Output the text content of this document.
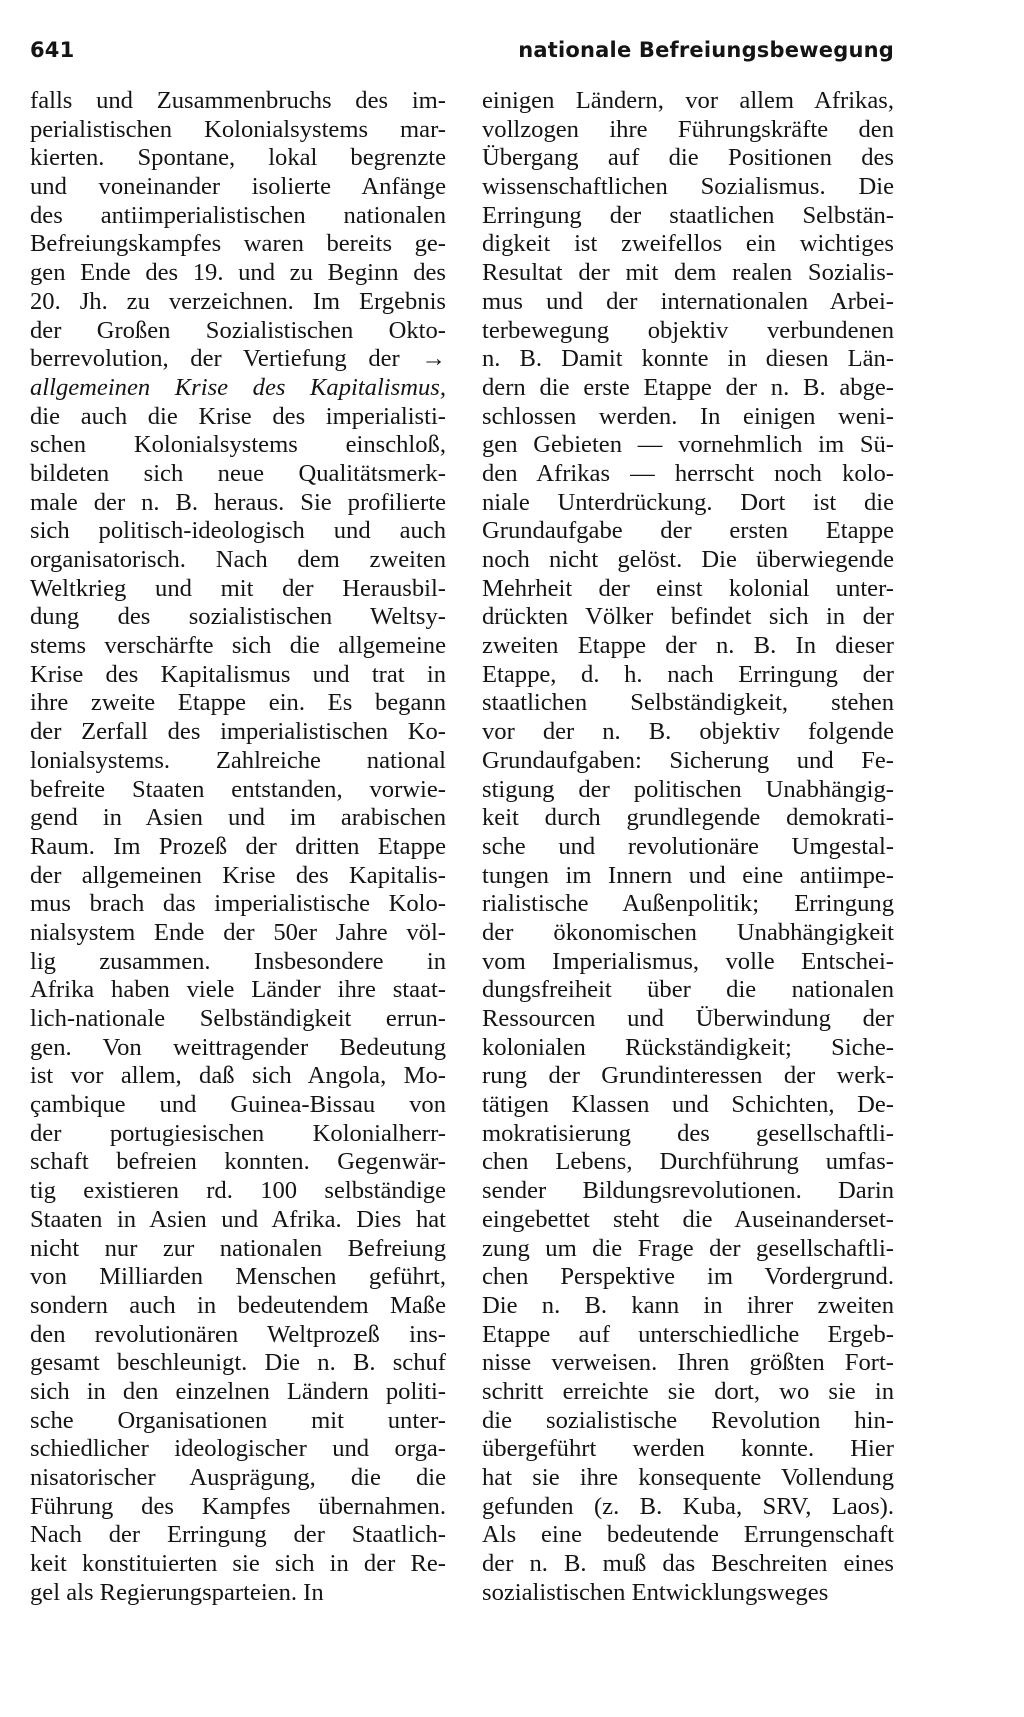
641	nationale Befreiungsbewegung
falls und Zusammenbruchs des im-
perialistischen Kolonialsystems mar-
kierten. Spontane, lokal begrenzte
und voneinander isolierte Anfänge
des antiimperialistischen nationalen
Befreiungskampfes waren bereits ge-
gen Ende des 19. und zu Beginn des
20. Jh. zu verzeichnen. Im Ergebnis
der Großen Sozialistischen Okto-
berrevolution, der Vertiefung der →
allgemeinen Krise des Kapitalismus,
die auch die Krise des imperialisti-
schen Kolonialsystems einschloß,
bildeten sich neue Qualitätsmerk-
male der n. B. heraus. Sie profilierte
sich politisch-ideologisch und auch
organisatorisch. Nach dem zweiten
Weltkrieg und mit der Herausbil-
dung des sozialistischen Weltsy-
stems verschärfte sich die allgemeine
Krise des Kapitalismus und trat in
ihre zweite Etappe ein. Es begann
der Zerfall des imperialistischen Ko-
lonialsystems. Zahlreiche national
befreite Staaten entstanden, vorwie-
gend in Asien und im arabischen
Raum. Im Prozeß der dritten Etappe
der allgemeinen Krise des Kapitalis-
mus brach das imperialistische Kolo-
nialsystem Ende der 50er Jahre völ-
lig zusammen. Insbesondere in
Afrika haben viele Länder ihre staat-
lich-nationale Selbständigkeit errun-
gen. Von weittragender Bedeutung
ist vor allem, daß sich Angola, Mo-
çambique und Guinea-Bissau von
der portugiesischen Kolonialherr-
schaft befreien konnten. Gegenwär-
tig existieren rd. 100 selbständige
Staaten in Asien und Afrika. Dies hat
nicht nur zur nationalen Befreiung
von Milliarden Menschen geführt,
sondern auch in bedeutendem Maße
den revolutionären Weltprozeß ins-
gesamt beschleunigt. Die n. B. schuf
sich in den einzelnen Ländern politi-
sche Organisationen mit unter-
schiedlicher ideologischer und orga-
nisatorischer Ausprägung, die die
Führung des Kampfes übernahmen.
Nach der Erringung der Staatlich-
keit konstituierten sie sich in der Re-
gel als Regierungsparteien. In
einigen Ländern, vor allem Afrikas,
vollzogen ihre Führungskräfte den
Übergang auf die Positionen des
wissenschaftlichen Sozialismus. Die
Erringung der staatlichen Selbstän-
digkeit ist zweifellos ein wichtiges
Resultat der mit dem realen Sozialis-
mus und der internationalen Arbei-
terbewegung objektiv verbundenen
n. B. Damit konnte in diesen Län-
dern die erste Etappe der n. B. abge-
schlossen werden. In einigen weni-
gen Gebieten — vornehmlich im Sü-
den Afrikas — herrscht noch kolo-
niale Unterdrückung. Dort ist die
Grundaufgabe der ersten Etappe
noch nicht gelöst. Die überwiegende
Mehrheit der einst kolonial unter-
drückten Völker befindet sich in der
zweiten Etappe der n. B. In dieser
Etappe, d. h. nach Erringung der
staatlichen Selbständigkeit, stehen
vor der n. B. objektiv folgende
Grundaufgaben: Sicherung und Fe-
stigung der politischen Unabhängig-
keit durch grundlegende demokrati-
sche und revolutionäre Umgestal-
tungen im Innern und eine antiimpe-
rialistische Außenpolitik; Erringung
der ökonomischen Unabhängigkeit
vom Imperialismus, volle Entschei-
dungsfreiheit über die nationalen
Ressourcen und Überwindung der
kolonialen Rückständigkeit; Siche-
rung der Grundinteressen der werk-
tätigen Klassen und Schichten, De-
mokratisierung des gesellschaftli-
chen Lebens, Durchführung umfas-
sender Bildungsrevolutionen. Darin
eingebettet steht die Auseinanderset-
zung um die Frage der gesellschaftli-
chen Perspektive im Vordergrund.
Die n. B. kann in ihrer zweiten
Etappe auf unterschiedliche Ergeb-
nisse verweisen. Ihren größten Fort-
schritt erreichte sie dort, wo sie in
die sozialistische Revolution hin-
übergeführt werden konnte. Hier
hat sie ihre konsequente Vollendung
gefunden (z. B. Kuba, SRV, Laos).
Als eine bedeutende Errungenschaft
der n. B. muß das Beschreiten eines
sozialistischen Entwicklungsweges
